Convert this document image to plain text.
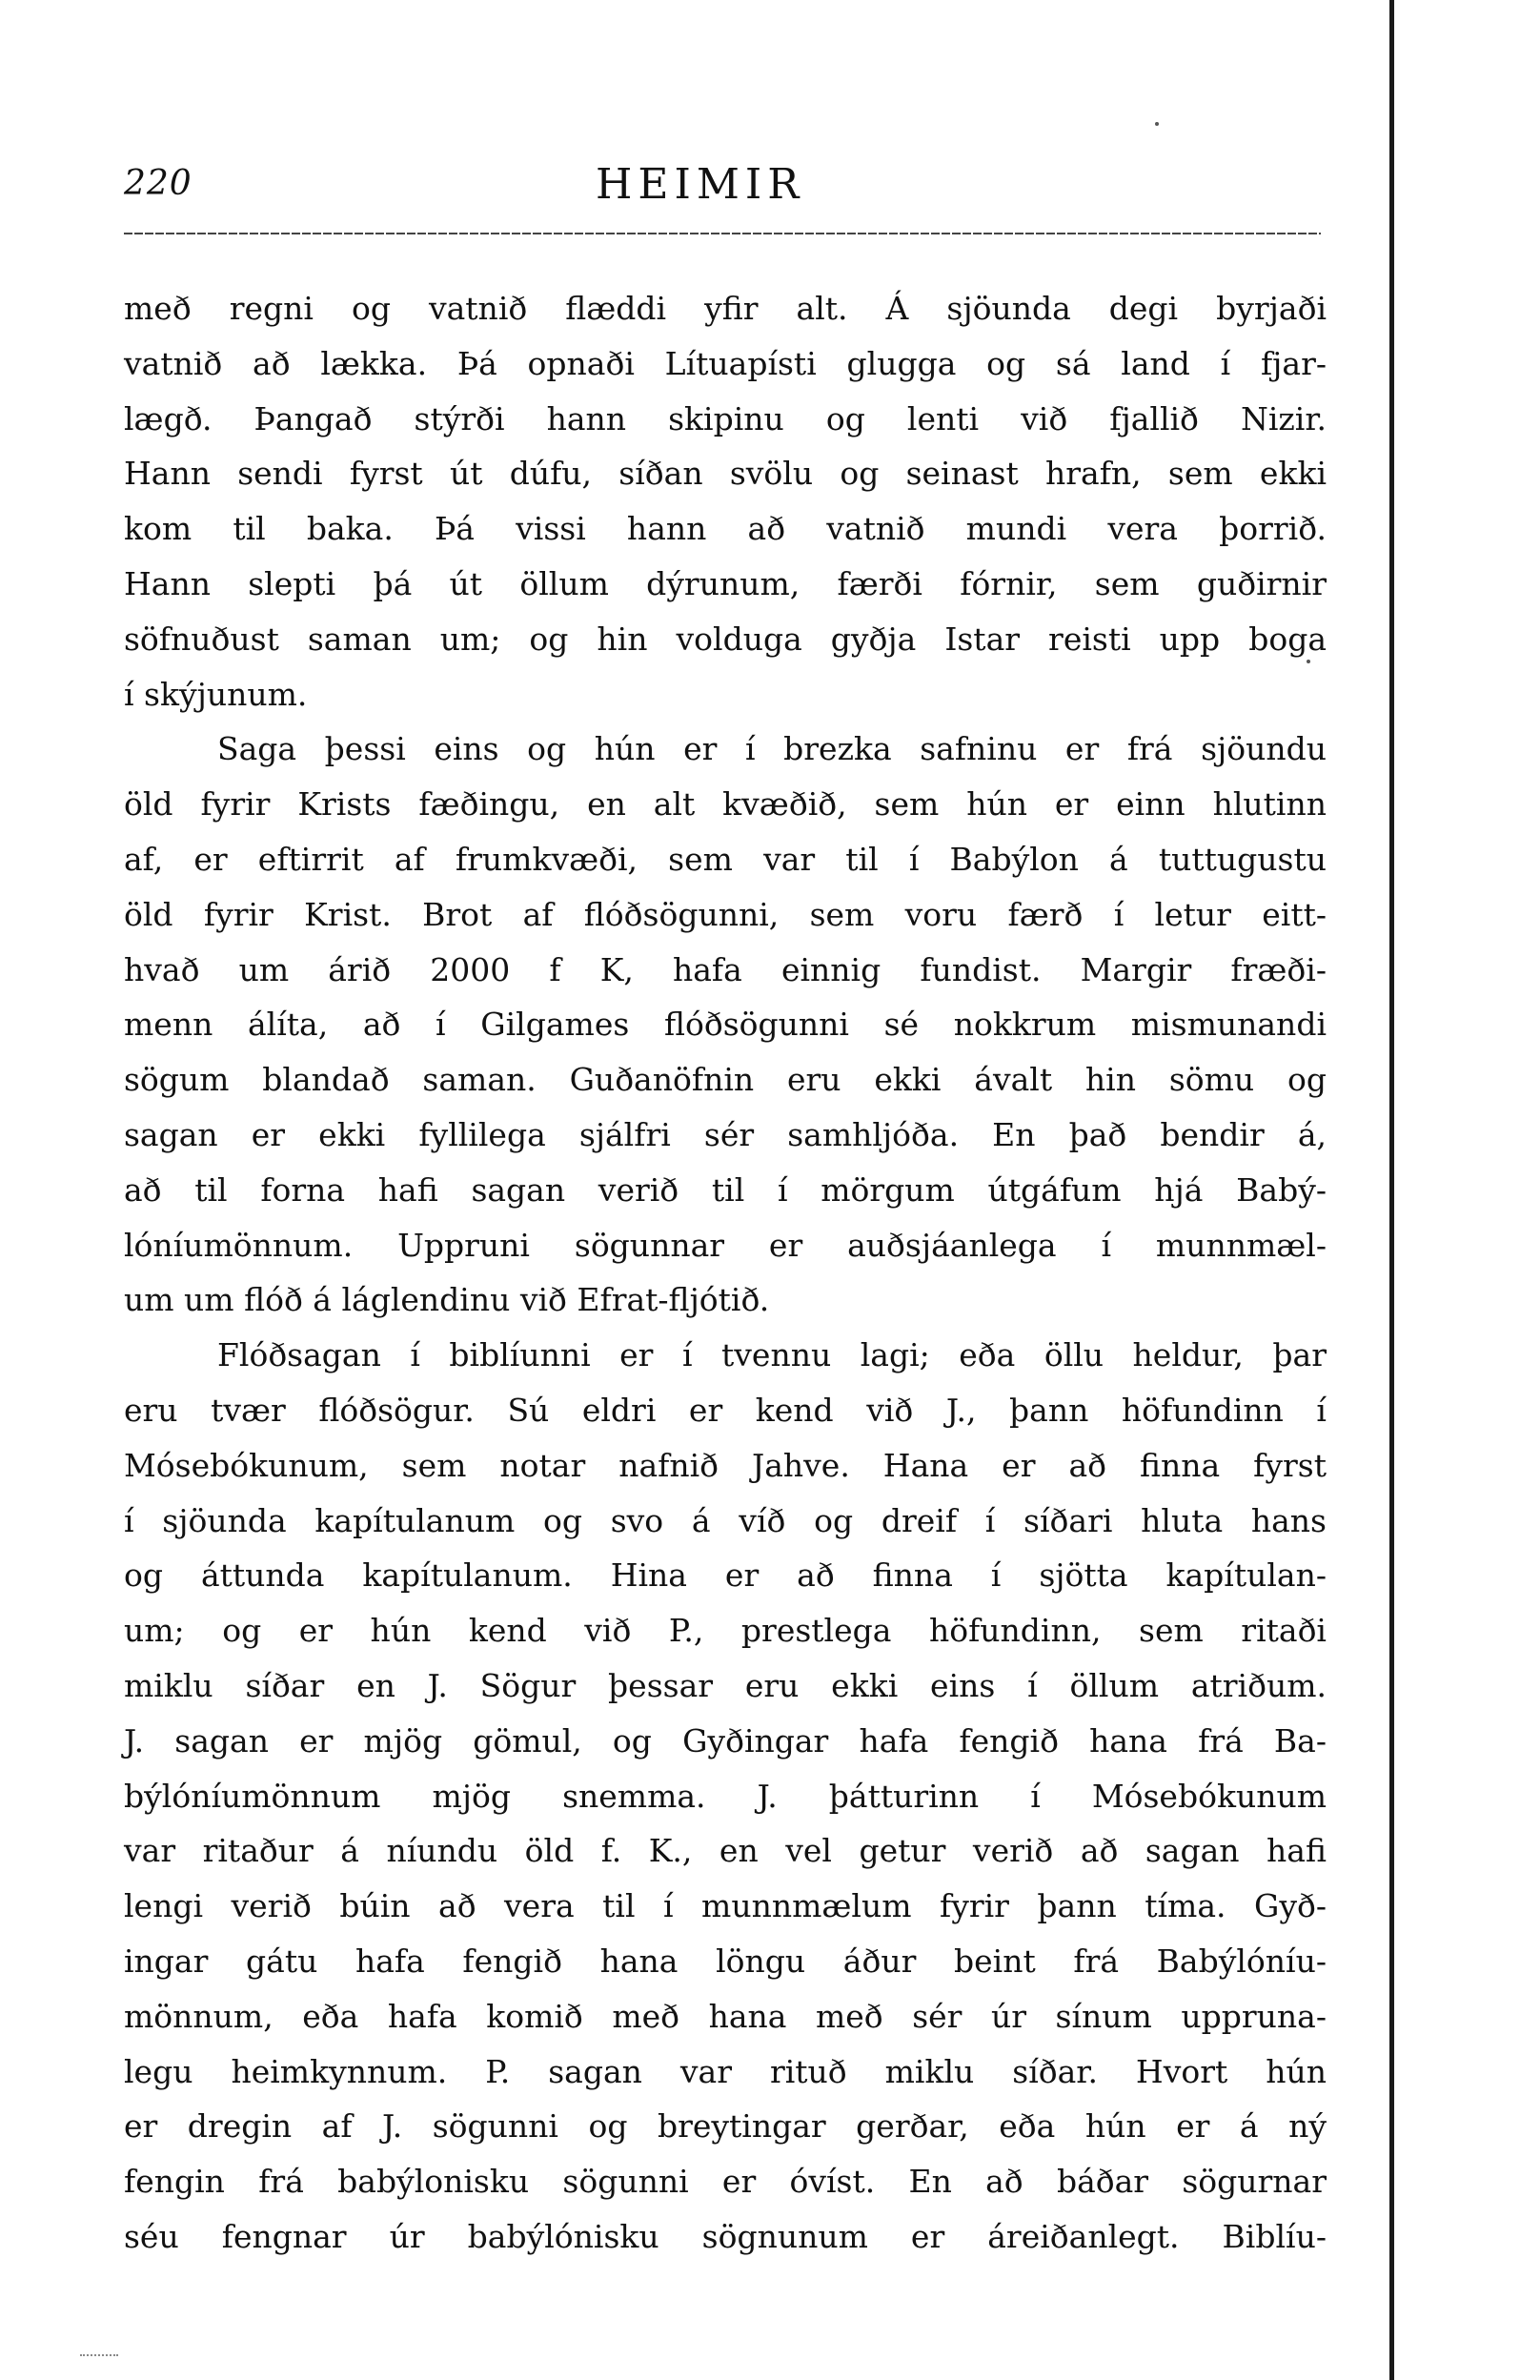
220	HEIMIR
með regni og vatnið flæddi yfir alt. Á sjöunda degi byrjaði
vatnið að lækka. Þá opnaði Lítuapísti glugga og sá land í fjar-
lægð. Þangað stýrði hann skipinu og lenti við fjallið Nizir.
Hann sendi fyrst út dúfu, síðan svölu og seinast hrafn, sem ekki
kom til baka. Þá vissi hann að vatnið mundi vera þorrið.
Hann slepti þá út öllum dýrunum, færði fórnir, sem guðirnir
söfnuðust saman um; og hin volduga gyðja Istar reisti upp boga
í skýjunum.
Saga þessi eins og hún er í brezka safninu er frá sjöundu
öld fyrir Krists fæðingu, en alt kvæðið, sem hún er einn hlutinn
af, er eftirrit af frumkvæði, sem var til í Babýlon á tuttugustu
öld fyrir Krist. Brot af flóðsögunni, sem voru færð í letur eitt-
hvað um árið 2000 f K, hafa einnig fundist. Margir fræði-
menn álíta, að í Gilgames flóðsögunni sé nokkrum mismunandi
sögum blandað saman. Guðanöfnin eru ekki ávalt hin sömu og
sagan er ekki fyllilega sjálfri sér samhljóða. En það bendir á,
að til forna hafi sagan verið til í mörgum útgáfum hjá Babý-
lóníumönnum. Uppruni sögunnar er auðsjáanlega í munnmæl-
um um flóð á láglendinu við Efrat-fljótið.
Flóðsagan í biblíunni er í tvennu lagi; eða öllu heldur, þar
eru tvær flóðsögur. Sú eldri er kend við J., þann höfundinn í
Mósebókunum, sem notar nafnið Jahve. Hana er að finna fyrst
í sjöunda kapítulanum og svo á víð og dreif í síðari hluta hans
og áttunda kapítulanum. Hina er að finna í sjötta kapítulan-
um; og er hún kend við P., prestlega höfundinn, sem ritaði
miklu síðar en J. Sögur þessar eru ekki eins í öllum atriðum.
J. sagan er mjög gömul, og Gyðingar hafa fengið hana frá Ba-
býlóníumönnum mjög snemma. J. þátturinn í Mósebókunum
var ritaður á níundu öld f. K., en vel getur verið að sagan hafi
lengi verið búin að vera til í munnmælum fyrir þann tíma. Gyð-
ingar gátu hafa fengið hana löngu áður beint frá Babýlóníu-
mönnum, eða hafa komið með hana með sér úr sínum uppruna-
legu heimkynnum. P. sagan var rituð miklu síðar. Hvort hún
er dregin af J. sögunni og breytingar gerðar, eða hún er á ný
fengin frá babýlonisku sögunni er óvíst. En að báðar sögurnar
séu fengnar úr babýlónisku sögnunum er áreiðanlegt. Biblíu-
